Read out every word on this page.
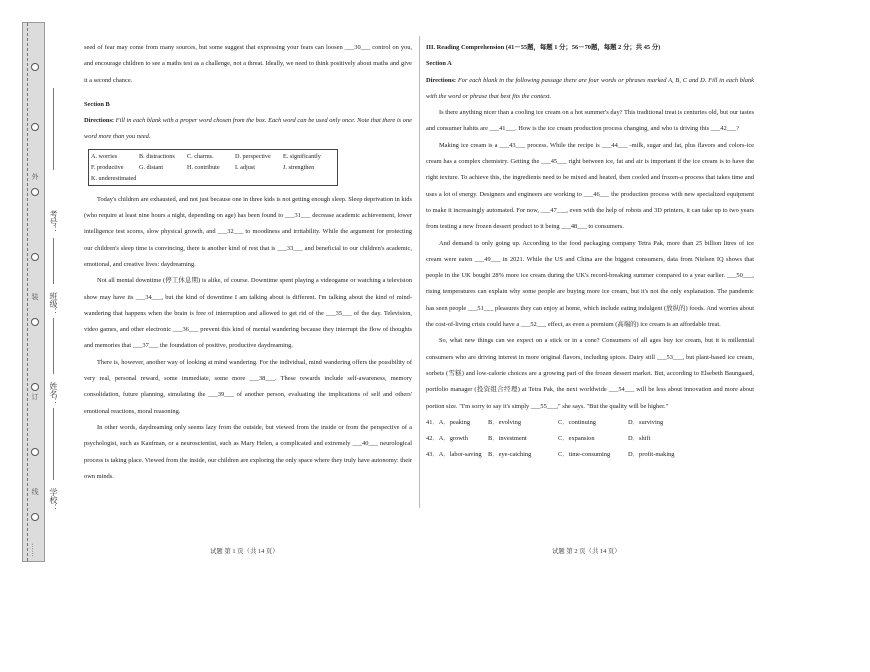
外
装
订
线
……
学校：
姓名：
班级：
考号：

seed of fear may come from many sources, but some suggest that expressing your fears can loosen ___30___ control on you, and encourage children to see a maths test as a challenge, not a threat. Ideally, we need to think positively about maths and give it a second chance.

Section B

Directions: Fill in each blank with a proper word chosen from the box. Each word can be used only once. Note that there is one word more than you need.

A. worries	B. distractions	C. charms.	D. perspective	E. significantly
F. productive	G. distant	H. contribute	I. adjust	J. strengthen
K. underestimated

Today's children are exhausted, and not just because one in three kids is not getting enough sleep. Sleep deprivation in kids (who require at least nine hours a night, depending on age) has been found to ___31___ decrease academic achievement, lower intelligence test scores, slow physical growth, and ___32___ to moodiness and irritability. While the argument for protecting our children's sleep time is convincing, there is another kind of rest that is ___33___ and beneficial to our children's academic, emotional, and creative lives: daydreaming.

Not all mental downtime (停工休息期) is alike, of course. Downtime spent playing a videogame or watching a television show may have its ___34___, but the kind of downtime I am talking about is different. I'm talking about the kind of mind-wandering that happens when the brain is free of interruption and allowed to get rid of the ___35___ of the day. Television, video games, and other electronic ___36___ prevent this kind of mental wandering because they interrupt the flow of thoughts and memories that ___37___ the foundation of positive, productive daydreaming.

There is, however, another way of looking at mind wandering. For the individual, mind wandering offers the possibility of very real, personal reward, some immediate, some more ___38___. These rewards include self-awareness, memory consolidation, future planning, simulating the ___39___ of another person, evaluating the implications of self and others' emotional reactions, moral reasoning.

In other words, daydreaming only seems lazy from the outside, but viewed from the inside or from the perspective of a psychologist, such as Kaufman, or a neuroscientist, such as Mary Helen, a complicated and extremely ___40___ neurological process is taking place. Viewed from the inside, our children are exploring the only space where they truly have autonomy: their own minds.

III. Reading Comprehension (41－55题，每题 1 分；56－70题，每题 2 分；共 45 分)

Section A

Directions: For each blank in the following passage there are four words or phrases marked A, B, C and D. Fill in each blank with the word or phrase that best fits the context.

Is there anything nicer than a cooling ice cream on a hot summer's day? This traditional treat is centuries old, but our tastes and consumer habits are ___41___. How is the ice cream production process changing, and who is driving this ___42___?

Making ice cream is a ___43___ process. While the recipe is ___44___ -milk, sugar and fat, plus flavors and colors-ice cream has a complex chemistry. Getting the ___45___ right between ice, fat and air is important if the ice cream is to have the right texture. To achieve this, the ingredients need to be mixed and heated, then cooled and frozen-a process that takes time and uses a lot of energy. Designers and engineers are working to ___46___ the production process with new specialized equipment to make it increasingly automated. For now, ___47___, even with the help of robots and 3D printers, it can take up to two years from testing a new frozen dessert product to it being ___48___ to consumers.

And demand is only going up. According to the food packaging company Tetra Pak, more than 25 billion litres of ice cream were eaten ___49___ in 2021. While the US and China are the biggest consumers, data from Nielsen IQ shows that people in the UK bought 28% more ice cream during the UK's record-breaking summer compared to a year earlier. ___50___, rising temperatures can explain why some people are buying more ice cream, but it's not the only explanation. The pandemic has seen people ___51___ pleasures they can enjoy at home, which include eating indulgent (放纵的) foods. And worries about the cost-of-living crisis could have a ___52___ effect, as even a premium (高端的) ice cream is an affordable treat.

So, what new things can we expect on a stick or in a cone? Consumers of all ages buy ice cream, but it is millennial consumers who are driving interest in more original flavors, including spices. Dairy still ___53___, but plant-based ice cream, sorbets (雪糕) and low-calorie choices are a growing part of the frozen dessert market. But, according to Elsebeth Baungaard, portfolio manager (投资组合经理) at Tetra Pak, the next worldwide ___54___ will be less about innovation and more about portion size. "I'm sorry to say it's simply ___55___," she says. "But the quality will be higher."

41．A．peaking	B．evolving	C．continuing	D．surviving
42．A．growth	B．investment	C．expansion	D．shift
43．A．labor-saving B．eye-catching	C．time-consuming	D．profit-making
试题 第 1 页（共 14 页）	试题 第 2 页（共 14 页）
